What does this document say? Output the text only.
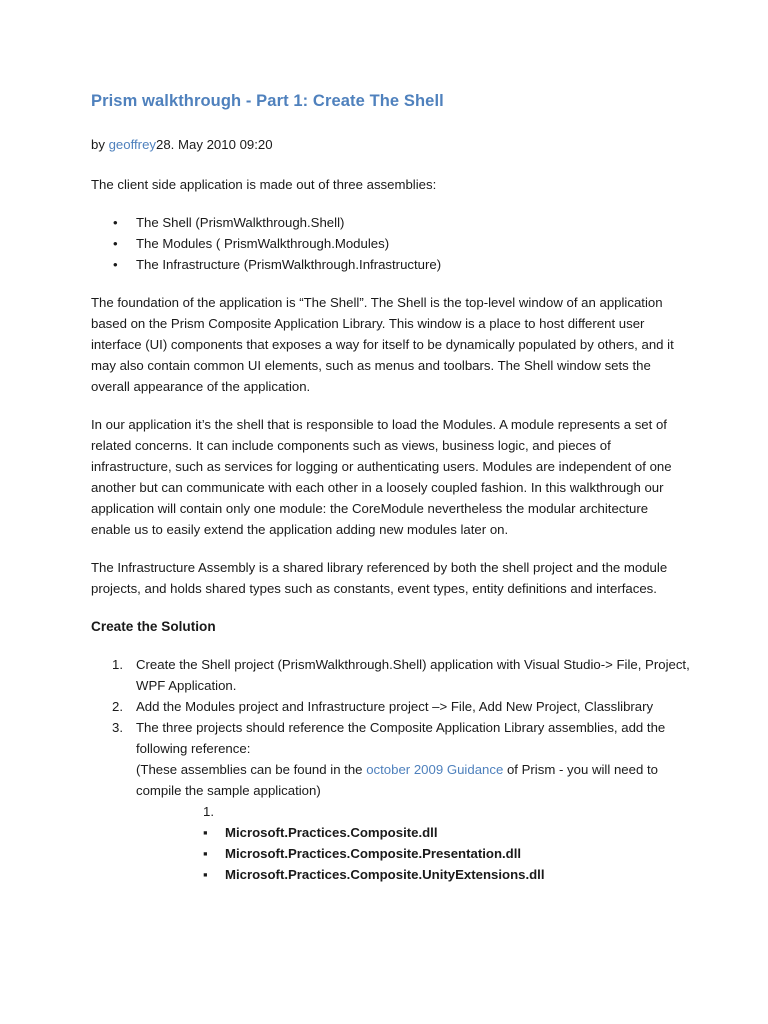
Prism walkthrough - Part 1: Create The Shell
by geoffrey28. May 2010 09:20

The client side application is made out of three assemblies:

• The Shell (PrismWalkthrough.Shell)
• The Modules ( PrismWalkthrough.Modules)
• The Infrastructure (PrismWalkthrough.Infrastructure)

The foundation of the application is “The Shell”. The Shell is the top-level window of an application based on the Prism Composite Application Library. This window is a place to host different user interface (UI) components that exposes a way for itself to be dynamically populated by others, and it may also contain common UI elements, such as menus and toolbars. The Shell window sets the overall appearance of the application.

In our application it’s the shell that is responsible to load the Modules. A module represents a set of related concerns. It can include components such as views, business logic, and pieces of infrastructure, such as services for logging or authenticating users. Modules are independent of one another but can communicate with each other in a loosely coupled fashion. In this walkthrough our application will contain only one module: the CoreModule nevertheless the modular architecture enable us to easily extend the application adding new modules later on.

The Infrastructure Assembly is a shared library referenced by both the shell project and the module projects, and holds shared types such as constants, event types, entity definitions and interfaces.

Create the Solution
1. Create the Shell project (PrismWalkthrough.Shell) application with Visual Studio-> File, Project, WPF Application.
2. Add the Modules project and Infrastructure project –> File, Add New Project, Classlibrary
3. The three projects should reference the Composite Application Library assemblies, add the following reference:
(These assemblies can be found in the october 2009 Guidance of Prism - you will need to compile the sample application)
1.
▪ Microsoft.Practices.Composite.dll
▪ Microsoft.Practices.Composite.Presentation.dll
▪ Microsoft.Practices.Composite.UnityExtensions.dll
